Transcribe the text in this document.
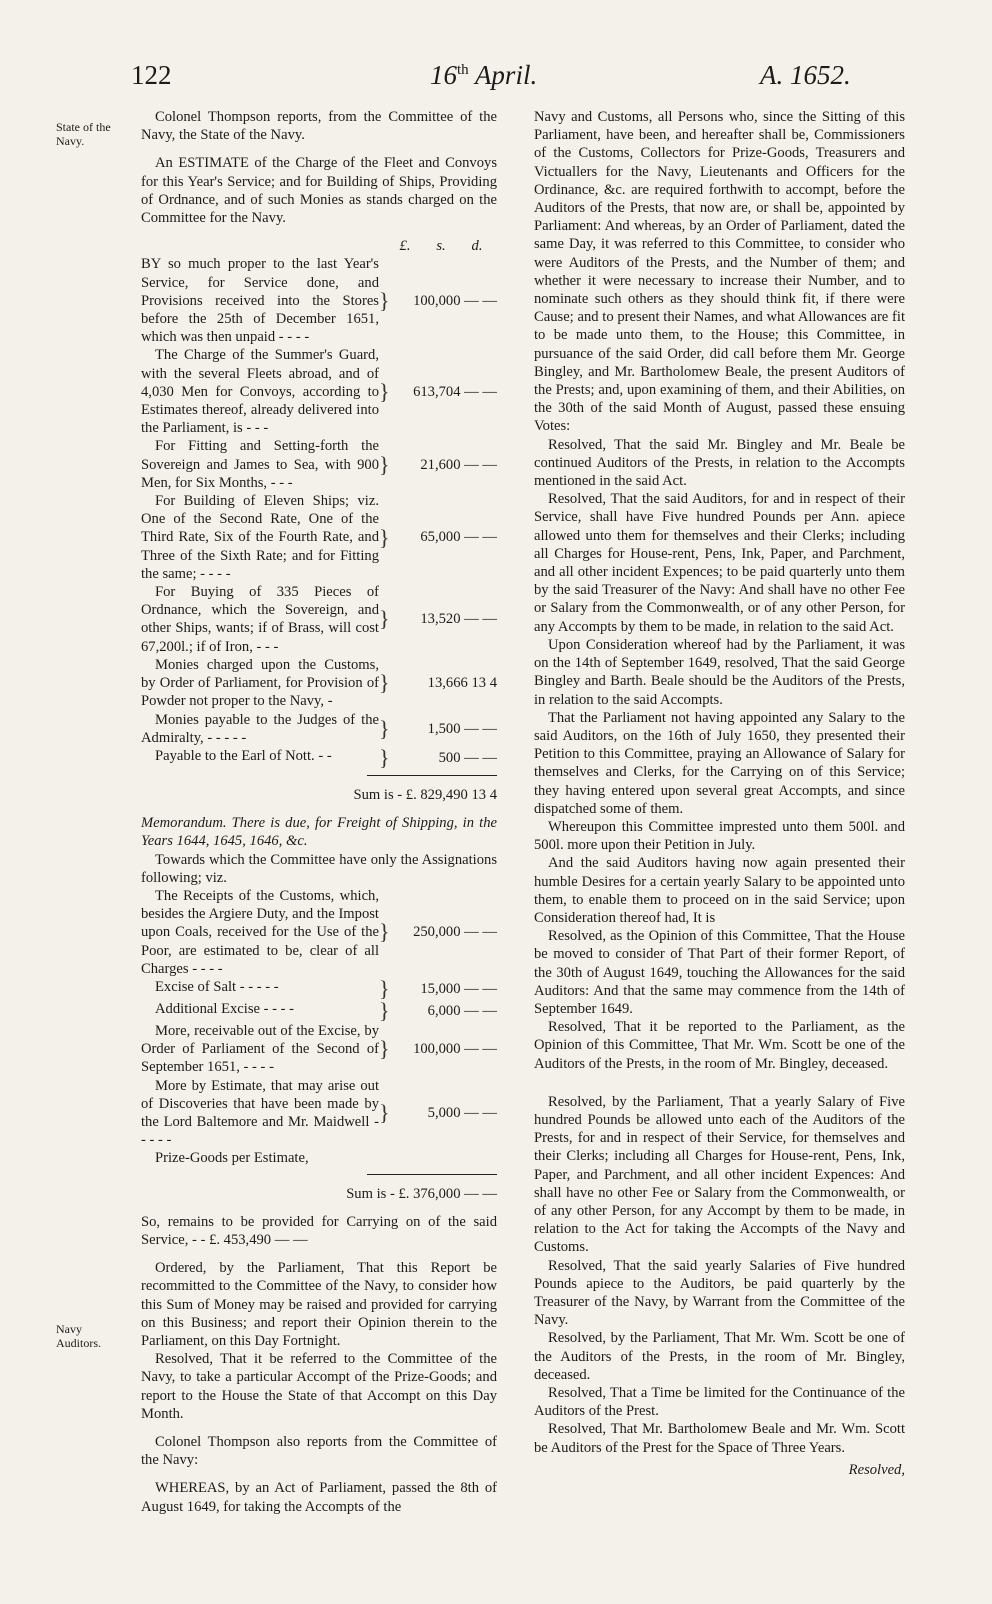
122	16th April.	A. 1652.
State of the Navy.
Navy Auditors.

Colonel Thompson reports, from the Committee of the Navy, the State of the Navy.

An ESTIMATE of the Charge of the Fleet and Convoys for this Year's Service; and for Building of Ships, Providing of Ordnance, and of such Monies as stands charged on the Committee for the Navy.

£.	s.	d.
BY so much proper to the last Year's Service, for Service done, and Provisions received into the Stores before the 25th of December 1651, which was then unpaid - - - -
}	100,000 — —
The Charge of the Summer's Guard, with the several Fleets abroad, and of 4,030 Men for Convoys, according to Estimates thereof, already delivered into the Parliament, is - - -
}	613,704 — —
For Fitting and Setting-forth the Sovereign and James to Sea, with 900 Men, for Six Months, - - -
}	21,600 — —
For Building of Eleven Ships; viz. One of the Second Rate, One of the Third Rate, Six of the Fourth Rate, and Three of the Sixth Rate; and for Fitting the same; - - - -
}	65,000 — —
For Buying of 335 Pieces of Ordnance, which the Sovereign, and other Ships, wants; if of Brass, will cost 67,200l.; if of Iron, - - -
}	13,520 — —
Monies charged upon the Customs, by Order of Parliament, for Provision of Powder not proper to the Navy, -
}	13,666 13 4
Monies payable to the Judges of the Admiralty, - - - - -	}	1,500 — —
Payable to the Earl of Nott. - -	}	500 — —

Sum is - £. 829,490 13 4

Memorandum. There is due, for Freight of Shipping, in the Years 1644, 1645, 1646, &c.

Towards which the Committee have only the Assignations following; viz.

The Receipts of the Customs, which, besides the Argiere Duty, and the Impost upon Coals, received for the Use of the Poor, are estimated to be, clear of all Charges - - - -
}	250,000 — —
Excise of Salt - - - - -	}	15,000 — —
Additional Excise - - - -	}	6,000 — —
More, receivable out of the Excise, by Order of Parliament of the Second of September 1651, - - - -
}	100,000 — —
More by Estimate, that may arise out of Discoveries that have been made by the Lord Baltemore and Mr. Maidwell - - - - -
}	5,000 — —
Prize-Goods per Estimate,

Sum is - £. 376,000 — —

So, remains to be provided for Carrying on of the said Service, - - £. 453,490 — —

Ordered, by the Parliament, That this Report be recommitted to the Committee of the Navy, to consider how this Sum of Money may be raised and provided for carrying on this Business; and report their Opinion therein to the Parliament, on this Day Fortnight.

Resolved, That it be referred to the Committee of the Navy, to take a particular Accompt of the Prize-Goods; and report to the House the State of that Accompt on this Day Month.

Colonel Thompson also reports from the Committee of the Navy:

WHEREAS, by an Act of Parliament, passed the 8th of August 1649, for taking the Accompts of the

Navy and Customs, all Persons who, since the Sitting of this Parliament, have been, and hereafter shall be, Commissioners of the Customs, Collectors for Prize-Goods, Treasurers and Victuallers for the Navy, Lieutenants and Officers for the Ordinance, &c. are required forthwith to accompt, before the Auditors of the Prests, that now are, or shall be, appointed by Parliament: And whereas, by an Order of Parliament, dated the same Day, it was referred to this Committee, to consider who were Auditors of the Prests, and the Number of them; and whether it were necessary to increase their Number, and to nominate such others as they should think fit, if there were Cause; and to present their Names, and what Allowances are fit to be made unto them, to the House; this Committee, in pursuance of the said Order, did call before them Mr. George Bingley, and Mr. Bartholomew Beale, the present Auditors of the Prests; and, upon examining of them, and their Abilities, on the 30th of the said Month of August, passed these ensuing Votes:

Resolved, That the said Mr. Bingley and Mr. Beale be continued Auditors of the Prests, in relation to the Accompts mentioned in the said Act.

Resolved, That the said Auditors, for and in respect of their Service, shall have Five hundred Pounds per Ann. apiece allowed unto them for themselves and their Clerks; including all Charges for House-rent, Pens, Ink, Paper, and Parchment, and all other incident Expences; to be paid quarterly unto them by the said Treasurer of the Navy: And shall have no other Fee or Salary from the Commonwealth, or of any other Person, for any Accompts by them to be made, in relation to the said Act.

Upon Consideration whereof had by the Parliament, it was on the 14th of September 1649, resolved, That the said George Bingley and Barth. Beale should be the Auditors of the Prests, in relation to the said Accompts.

That the Parliament not having appointed any Salary to the said Auditors, on the 16th of July 1650, they presented their Petition to this Committee, praying an Allowance of Salary for themselves and Clerks, for the Carrying on of this Service; they having entered upon several great Accompts, and since dispatched some of them.

Whereupon this Committee imprested unto them 500l. and 500l. more upon their Petition in July.

And the said Auditors having now again presented their humble Desires for a certain yearly Salary to be appointed unto them, to enable them to proceed on in the said Service; upon Consideration thereof had, It is

Resolved, as the Opinion of this Committee, That the House be moved to consider of That Part of their former Report, of the 30th of August 1649, touching the Allowances for the said Auditors: And that the same may commence from the 14th of September 1649.

Resolved, That it be reported to the Parliament, as the Opinion of this Committee, That Mr. Wm. Scott be one of the Auditors of the Prests, in the room of Mr. Bingley, deceased.

Resolved, by the Parliament, That a yearly Salary of Five hundred Pounds be allowed unto each of the Auditors of the Prests, for and in respect of their Service, for themselves and their Clerks; including all Charges for House-rent, Pens, Ink, Paper, and Parchment, and all other incident Expences: And shall have no other Fee or Salary from the Commonwealth, or of any other Person, for any Accompt by them to be made, in relation to the Act for taking the Accompts of the Navy and Customs.

Resolved, That the said yearly Salaries of Five hundred Pounds apiece to the Auditors, be paid quarterly by the Treasurer of the Navy, by Warrant from the Committee of the Navy.

Resolved, by the Parliament, That Mr. Wm. Scott be one of the Auditors of the Prests, in the room of Mr. Bingley, deceased.

Resolved, That a Time be limited for the Continuance of the Auditors of the Prest.

Resolved, That Mr. Bartholomew Beale and Mr. Wm. Scott be Auditors of the Prest for the Space of Three Years.

Resolved,
